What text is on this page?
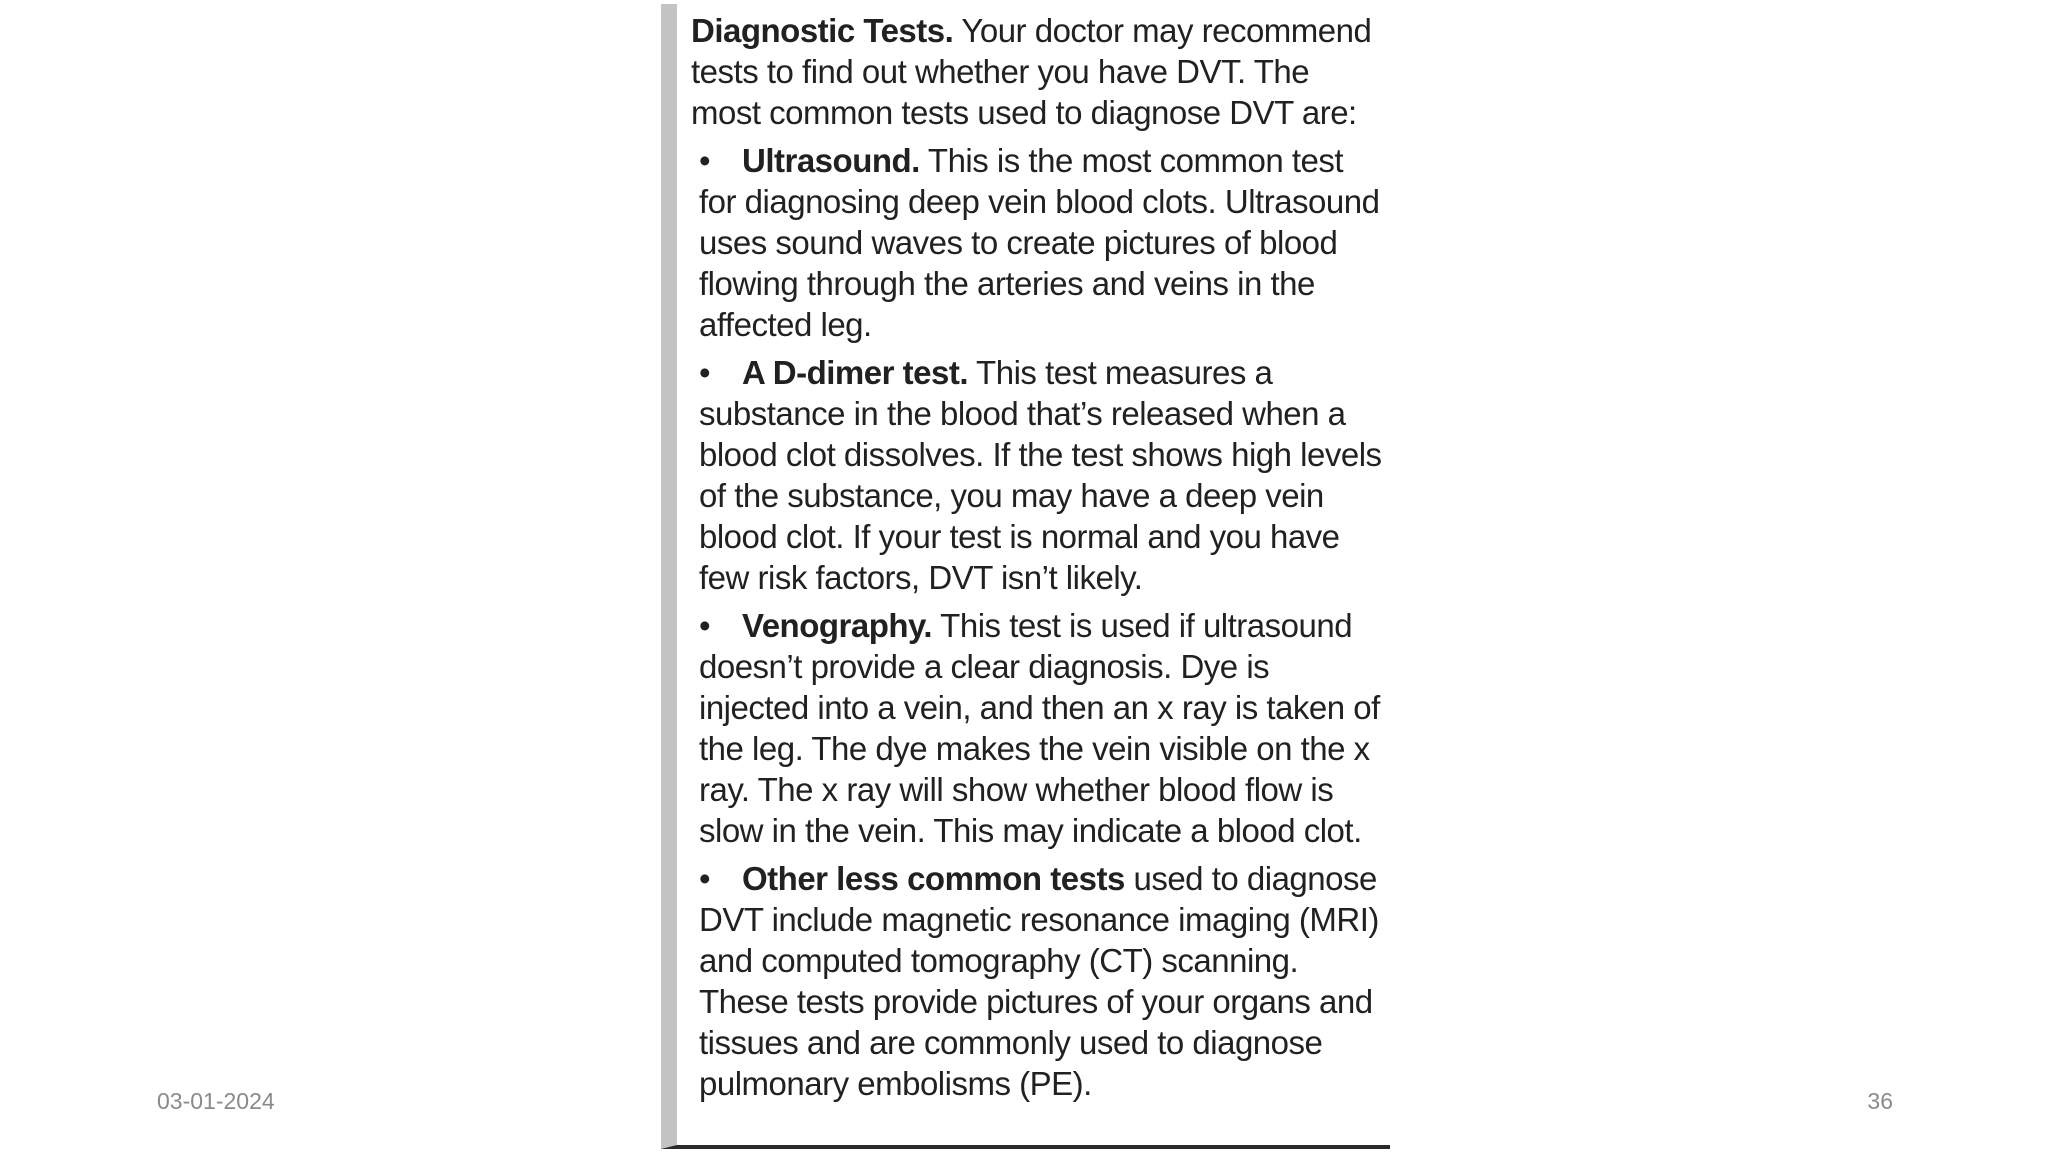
Diagnostic Tests. Your doctor may recommend tests to find out whether you have DVT. The most common tests used to diagnose DVT are:

• Ultrasound. This is the most common test for diagnosing deep vein blood clots. Ultrasound uses sound waves to create pictures of blood flowing through the arteries and veins in the affected leg.
• A D-dimer test. This test measures a substance in the blood that’s released when a blood clot dissolves. If the test shows high levels of the substance, you may have a deep vein blood clot. If your test is normal and you have few risk factors, DVT isn’t likely.
• Venography. This test is used if ultrasound doesn’t provide a clear diagnosis. Dye is injected into a vein, and then an x ray is taken of the leg. The dye makes the vein visible on the x ray. The x ray will show whether blood flow is slow in the vein. This may indicate a blood clot.
• Other less common tests used to diagnose DVT include magnetic resonance imaging (MRI) and computed tomography (CT) scanning. These tests provide pictures of your organs and tissues and are commonly used to diagnose pulmonary embolisms (PE).
03-01-2024	36
